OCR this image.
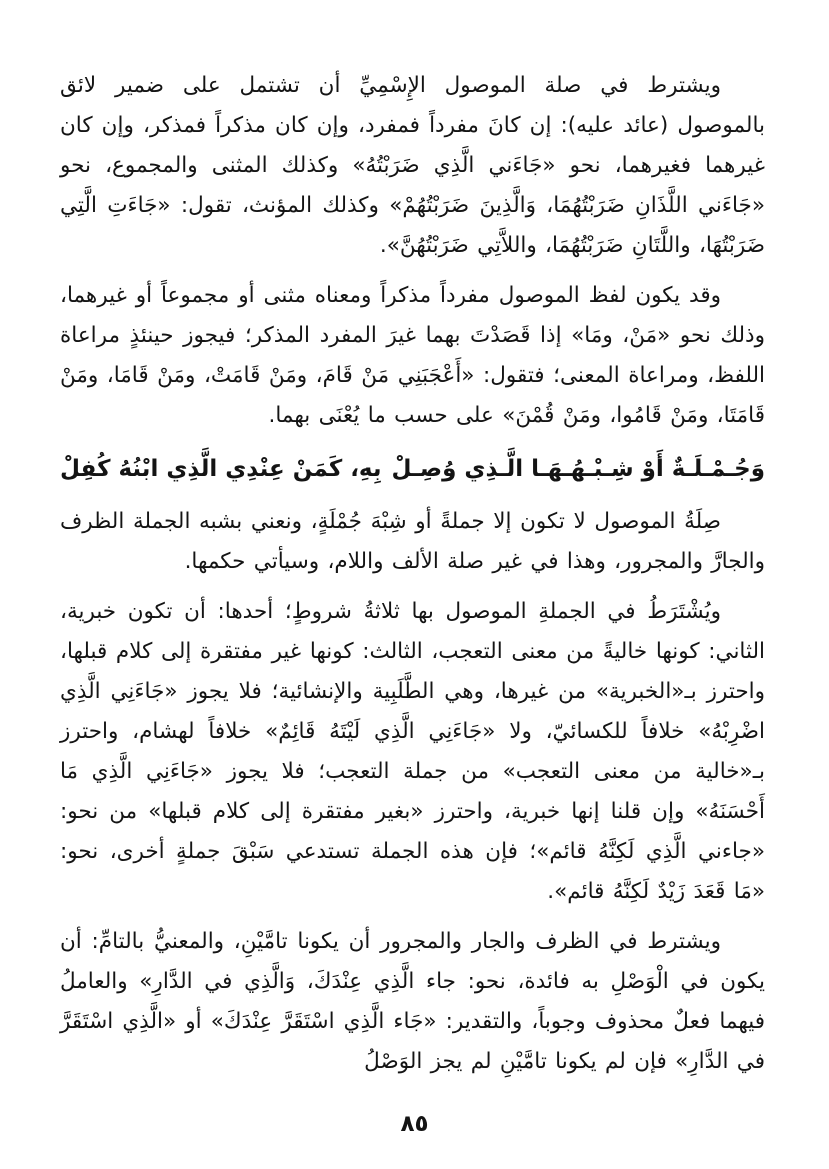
ويشترط في صلة الموصول الإِسْمِيِّ أن تشتمل على ضمير لائق بالموصول (عائد عليه): إن كانَ مفرداً فمفرد، وإن كان مذكراً فمذكر، وإن كان غيرهما فغيرهما، نحو «جَاءَني الَّذِي ضَرَبْتُهُ» وكذلك المثنى والمجموع، نحو «جَاءَني اللَّذَانِ ضَرَبْتُهُمَا، وَالَّذِينَ ضَرَبْتُهُمْ» وكذلك المؤنث، تقول: «جَاءَتِ الَّتِي ضَرَبْتُهَا، واللَّتَانِ ضَرَبْتُهُمَا، واللاَّتِي ضَرَبْتُهُنَّ».

وقد يكون لفظ الموصول مفرداً مذكراً ومعناه مثنى أو مجموعاً أو غيرهما، وذلك نحو «مَنْ، ومَا» إذا قَصَدْتَ بهما غيرَ المفرد المذكر؛ فيجوز حينئذٍ مراعاة اللفظ، ومراعاة المعنى؛ فتقول: «أَعْجَبَنِي مَنْ قَامَ، ومَنْ قَامَتْ، ومَنْ قَامَا، ومَنْ قَامَتَا، ومَنْ قَامُوا، ومَنْ قُمْنَ» على حسب ما يُعْنَى بهما.

وَجُـمْـلَـةٌ أَوْ شِـبْـهُـهَـا الَّـذِي وُصِـلْ
بِهِ، كَمَنْ عِنْدِي الَّذِي ابْنُهُ كُفِلْ

صِلَةُ الموصول لا تكون إلا جملةً أو شِبْهَ جُمْلَةٍ، ونعني بشبه الجملة الظرف والجارَّ والمجرور، وهذا في غير صلة الألف واللام، وسيأتي حكمها.

ويُشْتَرَطُ في الجملةِ الموصول بها ثلاثةُ شروطٍ؛ أحدها: أن تكون خبرية، الثاني: كونها خاليةً من معنى التعجب، الثالث: كونها غير مفتقرة إلى كلام قبلها، واحترز بـ«الخبرية» من غيرها، وهي الطَّلَبِية والإنشائية؛ فلا يجوز «جَاءَنِي الَّذِي اضْرِبْهُ» خلافاً للكسائيّ، ولا «جَاءَنِي الَّذِي لَيْتَهُ قَائِمٌ» خلافاً لهشام، واحترز بـ«خالية من معنى التعجب» من جملة التعجب؛ فلا يجوز «جَاءَنِي الَّذِي مَا أَحْسَنَهُ» وإن قلنا إنها خبرية، واحترز «بغير مفتقرة إلى كلام قبلها» من نحو: «جاءني الَّذِي لَكِنَّهُ قائم»؛ فإن هذه الجملة تستدعي سَبْقَ جملةٍ أخرى، نحو: «مَا قَعَدَ زَيْدٌ لَكِنَّهُ قائم».

ويشترط في الظرف والجار والمجرور أن يكونا تامَّيْنِ، والمعنيُّ بالتامِّ: أن يكون في الْوَصْلِ به فائدة، نحو: جاء الَّذِي عِنْدَكَ، وَالَّذِي في الدَّارِ» والعاملُ فيهما فعلٌ محذوف وجوباً، والتقدير: «جَاء الَّذِي اسْتَقَرَّ عِنْدَكَ» أو «الَّذِي اسْتَقَرَّ في الدَّارِ» فإن لم يكونا تامَّيْنِ لم يجز الوَصْلُ

٨٥
